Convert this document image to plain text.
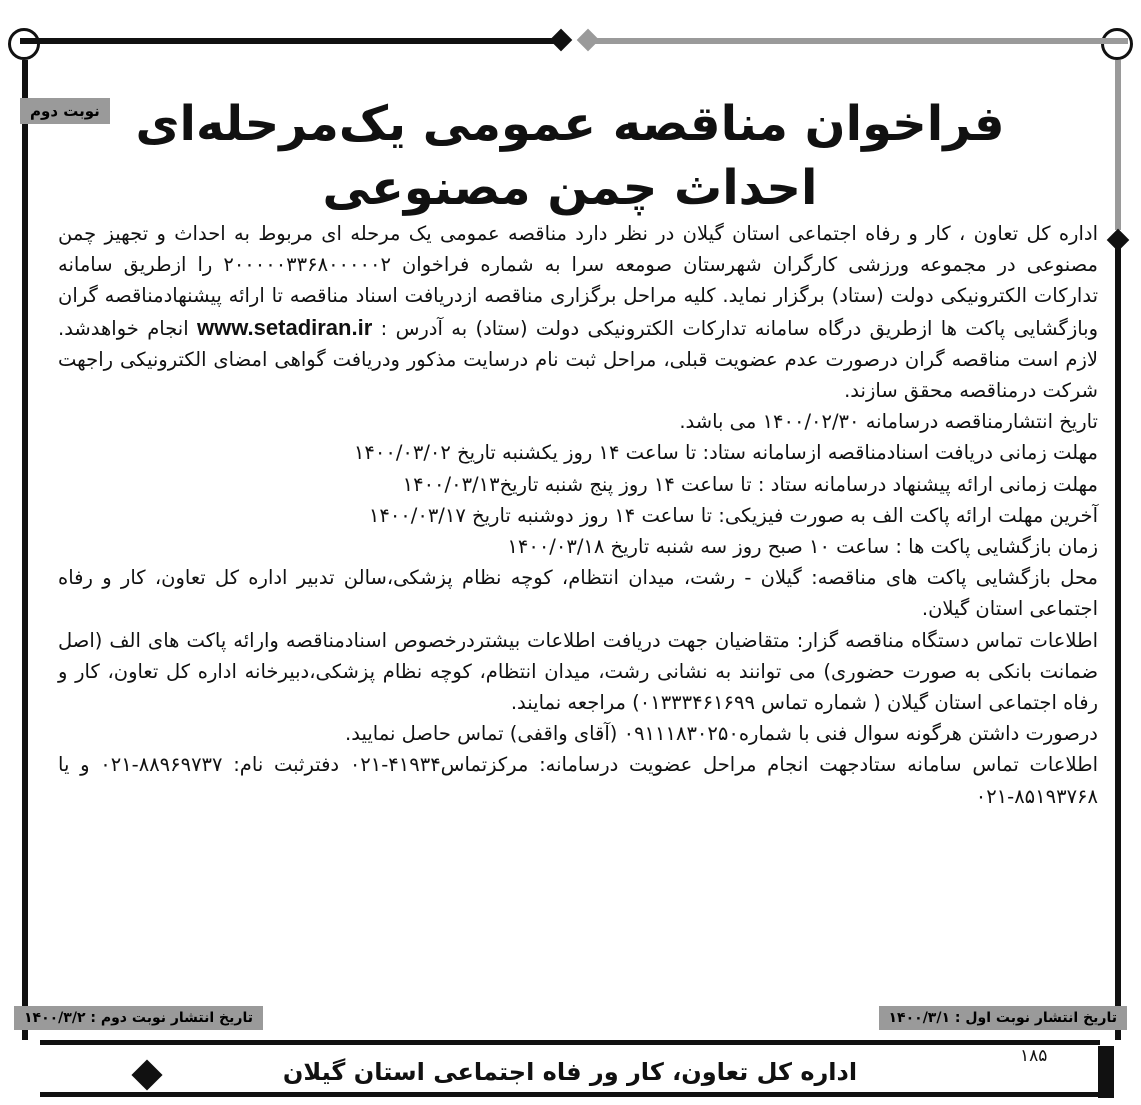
نوبت دوم فراخوان مناقصه عمومی یک‌مرحله‌ای
احداث چمن مصنوعی

اداره کل تعاون ، کار و رفاه اجتماعی استان گیلان در نظر دارد مناقصه عمومی یک مرحله ای مربوط به احداث و تجهیز چمن مصنوعی در مجموعه ورزشی کارگران شهرستان صومعه سرا به شماره فراخوان ۲۰۰۰۰۰۳۳۶۸۰۰۰۰۰۲ را ازطریق سامانه تدارکات الکترونیکی دولت (ستاد) برگزار نماید. کلیه مراحل برگزاری مناقصه ازدریافت اسناد مناقصه تا ارائه پیشنهادمناقصه گران وبازگشایی پاکت ها ازطریق درگاه سامانه تدارکات الکترونیکی دولت (ستاد) به آدرس : www.setadiran.ir انجام خواهدشد. لازم است مناقصه گران درصورت عدم عضویت قبلی، مراحل ثبت نام درسایت مذکور ودریافت گواهی امضای الکترونیکی راجهت شرکت درمناقصه محقق سازند.

تاریخ انتشارمناقصه درسامانه ۱۴۰۰/۰۲/۳۰ می باشد.

مهلت زمانی دریافت اسنادمناقصه ازسامانه ستاد: تا ساعت ۱۴ روز یکشنبه تاریخ ۱۴۰۰/۰۳/۰۲

مهلت زمانی ارائه پیشنهاد درسامانه ستاد : تا ساعت ۱۴ روز پنج شنبه تاریخ۱۴۰۰/۰۳/۱۳

آخرین مهلت ارائه پاکت الف به صورت فیزیکی: تا ساعت ۱۴ روز دوشنبه تاریخ ۱۴۰۰/۰۳/۱۷

زمان بازگشایی پاکت ها : ساعت ۱۰ صبح روز سه شنبه تاریخ ۱۴۰۰/۰۳/۱۸

محل بازگشایی پاکت های مناقصه: گیلان - رشت، میدان انتظام، کوچه نظام پزشکی،سالن تدبیر اداره کل تعاون، کار و رفاه اجتماعی استان گیلان.

اطلاعات تماس دستگاه مناقصه گزار: متقاضیان جهت دریافت اطلاعات بیشتردرخصوص اسنادمناقصه وارائه پاکت های الف (اصل ضمانت بانکی به صورت حضوری) می توانند به نشانی رشت، میدان انتظام، کوچه نظام پزشکی،دبیرخانه اداره کل تعاون، کار و رفاه اجتماعی استان گیلان ( شماره تماس ۰۱۳۳۳۴۶۱۶۹۹) مراجعه نمایند.

درصورت داشتن هرگونه سوال فنی با شماره۰۹۱۱۱۸۳۰۲۵۰ (آقای واقفی) تماس حاصل نمایید.

اطلاعات تماس سامانه ستادجهت انجام مراحل عضویت درسامانه: مرکزتماس۴۱۹۳۴-۰۲۱ دفترثبت نام: ۸۸۹۶۹۷۳۷-۰۲۱ و یا ۸۵۱۹۳۷۶۸-۰۲۱

تاریخ انتشار نوبت دوم : ۱۴۰۰/۳/۲	تاریخ انتشار نوبت اول : ۱۴۰۰/۳/۱
۱۸۵
اداره کل تعاون، کار ور فاه اجتماعی استان گیلان
